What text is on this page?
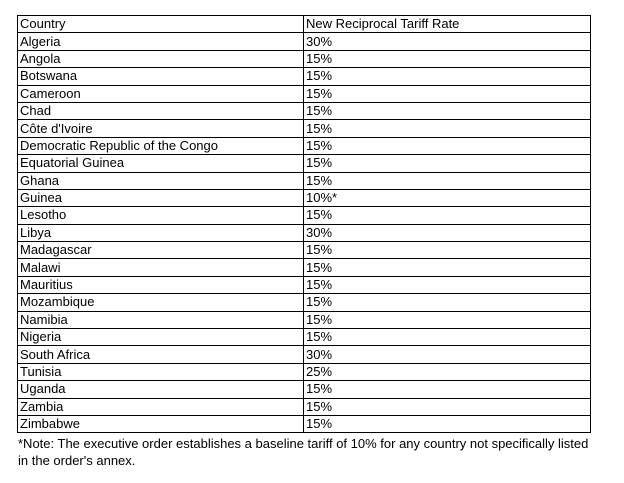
Country	New Reciprocal Tariff Rate
Algeria	30%
Angola	15%
Botswana	15%
Cameroon	15%
Chad	15%
Côte d'Ivoire	15%
Democratic Republic of the Congo	15%
Equatorial Guinea	15%
Ghana	15%
Guinea	10%*
Lesotho	15%
Libya	30%
Madagascar	15%
Malawi	15%
Mauritius	15%
Mozambique	15%
Namibia	15%
Nigeria	15%
South Africa	30%
Tunisia	25%
Uganda	15%
Zambia	15%
Zimbabwe	15%

*Note: The executive order establishes a baseline tariff of 10% for any country not specifically listed in the order's annex.
